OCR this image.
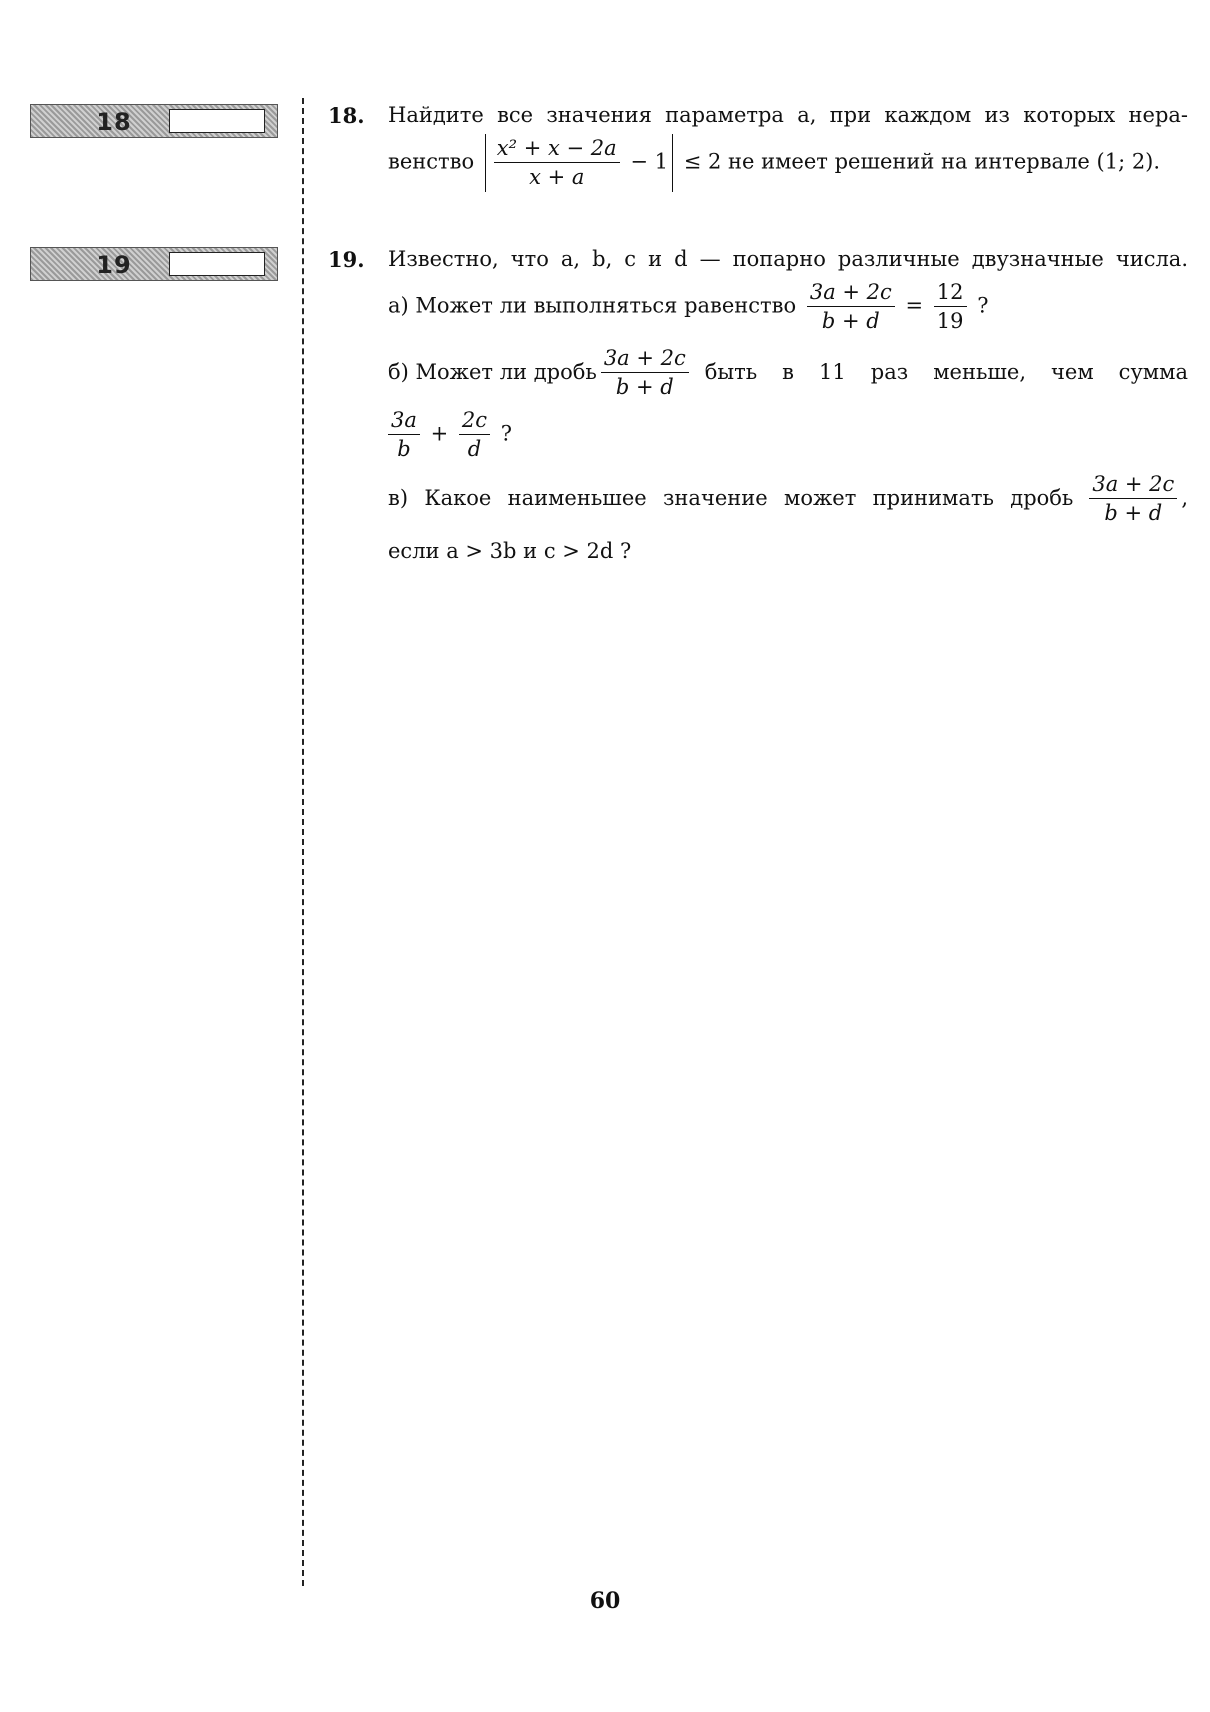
18
19
18. Найдите все значения параметра a, при каждом из которых нера-
венство $\frac{\text{x² + x − 2a}}{x + a} - 1 \le 2$ не имеет решений на интервале (1; 2).
19. Известно, что a, b, c и d — попарно различные двузначные числа.
а) Может ли выполняться равенство $\frac{3a + 2c}{b + d} = \frac{12}{19}$ ?
б) Может ли дробь $\frac{3a + 2c}{b + d}$ быть в 11 раз меньше, чем сумма
$\frac{3a}{b} + \frac{2c}{d}$ ?
в) Какое наименьшее значение может принимать дробь $\frac{3a + 2c}{b + d}$ ,
если a > 3b и c > 2d ?
60
